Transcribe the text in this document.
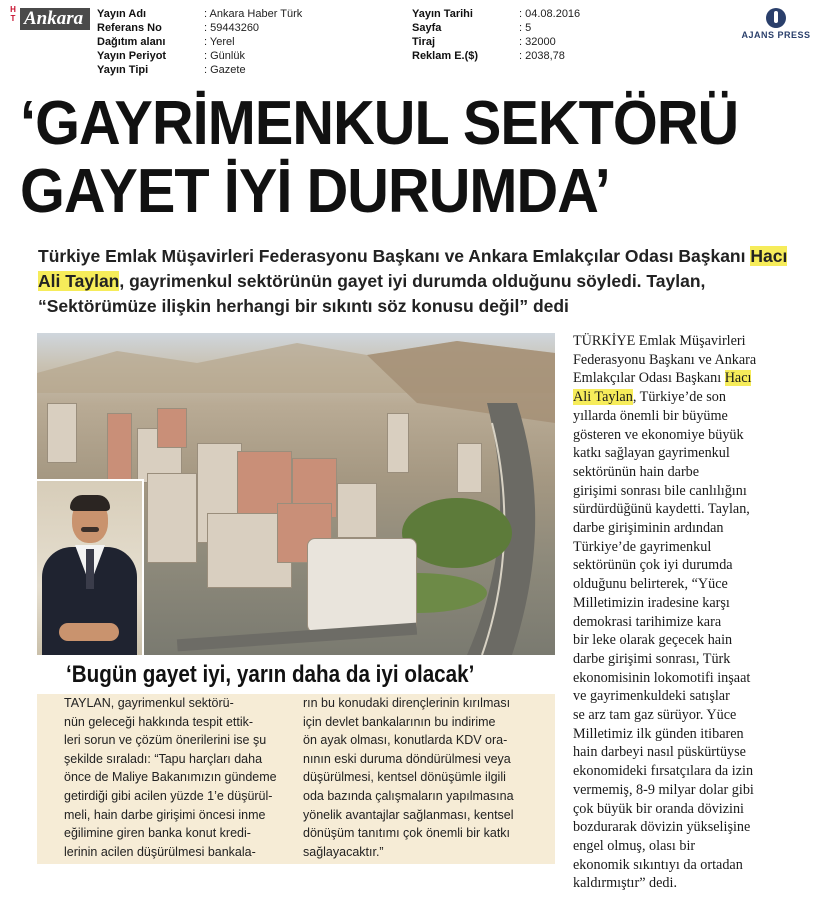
H
T Ankara	Yayın Adı	: Ankara Haber Türk
Referans No	: 59443260
Dağıtım alanı	: Yerel
Yayın Periyot	: Günlük
Yayın Tipi	: Gazete
Yayın Tarihi	: 04.08.2016
Sayfa	: 5
Tiraj	: 32000
Reklam E.($)	: 2038,78
AJANS PRESS
‘GAYRİMENKUL SEKTÖRÜ
GAYET İYİ DURUMDA’
Türkiye Emlak Müşavirleri Federasyonu Başkanı ve Ankara Emlakçılar Odası Başkanı Hacı Ali Taylan, gayrimenkul sektörünün gayet iyi durumda olduğunu söyledi. Taylan, “Sektörümüze ilişkin herhangi bir sıkıntı söz konusu değil” dedi
‘Bugün gayet iyi, yarın daha da iyi olacak’
TAYLAN, gayrimenkul sektörü-
nün geleceği hakkında tespit ettik-
leri sorun ve çözüm önerilerini ise şu
şekilde sıraladı: “Tapu harçları daha
önce de Maliye Bakanımızın gündeme
getirdiği gibi acilen yüzde 1’e düşürül-
meli, hain darbe girişimi öncesi inme
eğilimine giren banka konut kredi-
lerinin acilen düşürülmesi bankala-
rın bu konudaki dirençlerinin kırılması
için devlet bankalarının bu indirime
ön ayak olması, konutlarda KDV ora-
nının eski duruma döndürülmesi veya
düşürülmesi, kentsel dönüşümle ilgili
oda bazında çalışmaların yapılmasına
yönelik avantajlar sağlanması, kentsel
dönüşüm tanıtımı çok önemli bir katkı
sağlayacaktır.”
TÜRKİYE Emlak Müşavirleri
Federasyonu Başkanı ve Ankara
Emlakçılar Odası Başkanı Hacı
Ali Taylan, Türkiye’de son
yıllarda önemli bir büyüme
gösteren ve ekonomiye büyük
katkı sağlayan gayrimenkul
sektörünün hain darbe
girişimi sonrası bile canlılığını
sürdürdüğünü kaydetti. Taylan,
darbe girişiminin ardından
Türkiye’de gayrimenkul
sektörünün çok iyi durumda
olduğunu belirterek, “Yüce
Milletimizin iradesine karşı
demokrasi tarihimize kara
bir leke olarak geçecek hain
darbe girişimi sonrası, Türk
ekonomisinin lokomotifi inşaat
ve gayrimenkuldeki satışlar
se arz tam gaz sürüyor. Yüce
Milletimiz ilk günden itibaren
hain darbeyi nasıl püskürtüyse
ekonomideki fırsatçılara da izin
vermemiş, 8-9 milyar dolar gibi
çok büyük bir oranda dövizini
bozdurarak dövizin yükselişine
engel olmuş, olası bir
ekonomik sıkıntıyı da ortadan
kaldırmıştır” dedi.
